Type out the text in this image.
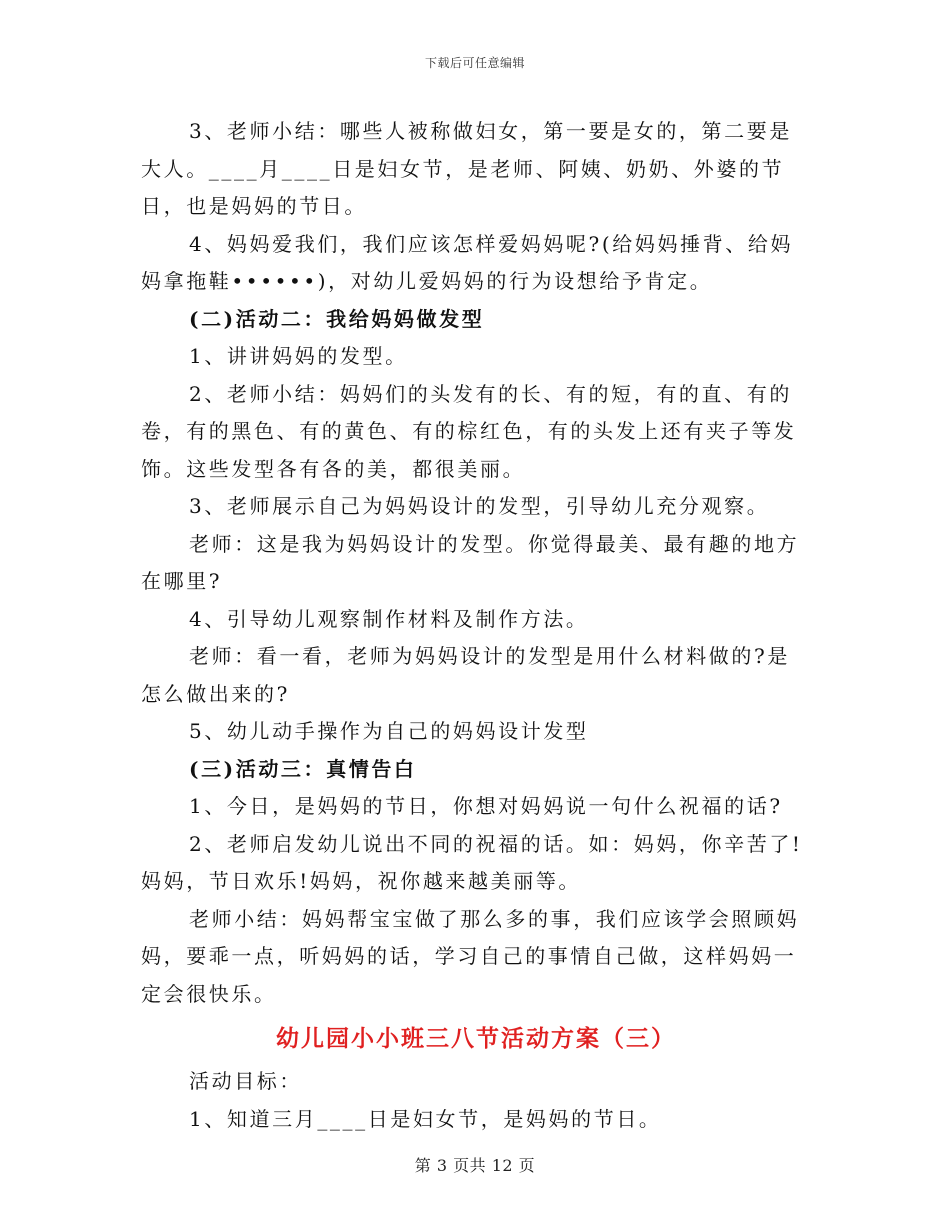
下载后可任意编辑

3、老师小结：哪些人被称做妇女，第一要是女的，第二要是大人。____月____日是妇女节，是老师、阿姨、奶奶、外婆的节日，也是妈妈的节日。

4、妈妈爱我们，我们应该怎样爱妈妈呢?(给妈妈捶背、给妈妈拿拖鞋••••••)，对幼儿爱妈妈的行为设想给予肯定。

(二)活动二：我给妈妈做发型

1、讲讲妈妈的发型。

2、老师小结：妈妈们的头发有的长、有的短，有的直、有的卷，有的黑色、有的黄色、有的棕红色，有的头发上还有夹子等发饰。这些发型各有各的美，都很美丽。

3、老师展示自己为妈妈设计的发型，引导幼儿充分观察。

老师：这是我为妈妈设计的发型。你觉得最美、最有趣的地方在哪里?

4、引导幼儿观察制作材料及制作方法。

老师：看一看，老师为妈妈设计的发型是用什么材料做的?是怎么做出来的?

5、幼儿动手操作为自己的妈妈设计发型

(三)活动三：真情告白

1、今日，是妈妈的节日，你想对妈妈说一句什么祝福的话?

2、老师启发幼儿说出不同的祝福的话。如：妈妈，你辛苦了!妈妈，节日欢乐!妈妈，祝你越来越美丽等。

老师小结：妈妈帮宝宝做了那么多的事，我们应该学会照顾妈妈，要乖一点，听妈妈的话，学习自己的事情自己做，这样妈妈一定会很快乐。

幼儿园小小班三八节活动方案（三）

活动目标：

1、知道三月____日是妇女节，是妈妈的节日。

第 3 页共 12 页
